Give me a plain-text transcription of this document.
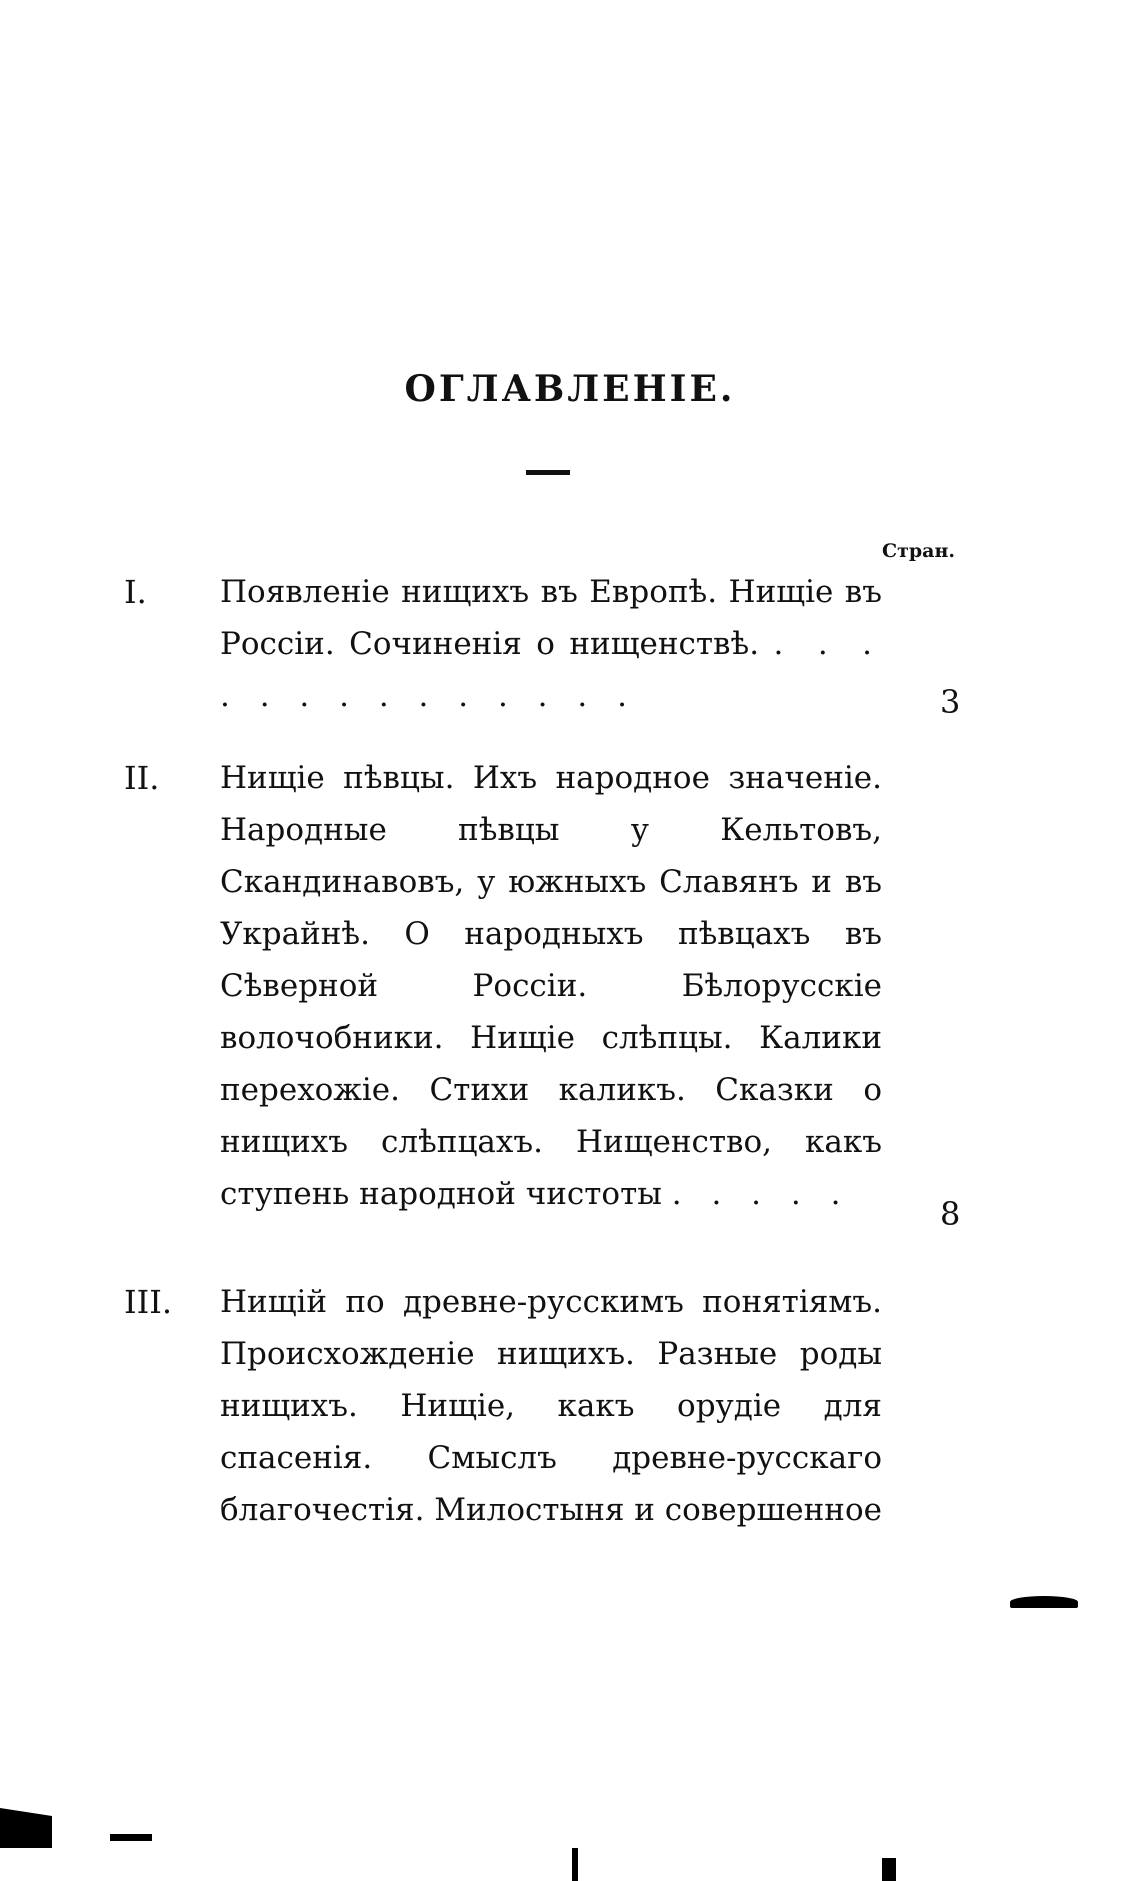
ОГЛАВЛЕНІЕ.
Стран.
I. Появленіе нищихъ въ Европѣ. Нищіе въ Россіи. Сочиненія о нищенствѣ. . . . . . . . . . . . . . .	3
II. Нищіе пѣвцы. Ихъ народное значеніе. Народные пѣвцы у Кельтовъ, Скандинавовъ, у южныхъ Славянъ и въ Украйнѣ. О народныхъ пѣвцахъ въ Сѣверной Россіи. Бѣлорусскіе волочобники. Нищіе слѣпцы. Калики перехожіе. Стихи каликъ. Сказки о нищихъ слѣпцахъ. Нищенство, какъ ступень народной чистоты . . . . .
8
III. Нищій по древне-русскимъ понятіямъ. Происхожденіе нищихъ. Разные роды нищихъ. Нищіе, какъ орудіе для спасенія. Смыслъ древне-русскаго благочестія. Милостыня и совершенное
